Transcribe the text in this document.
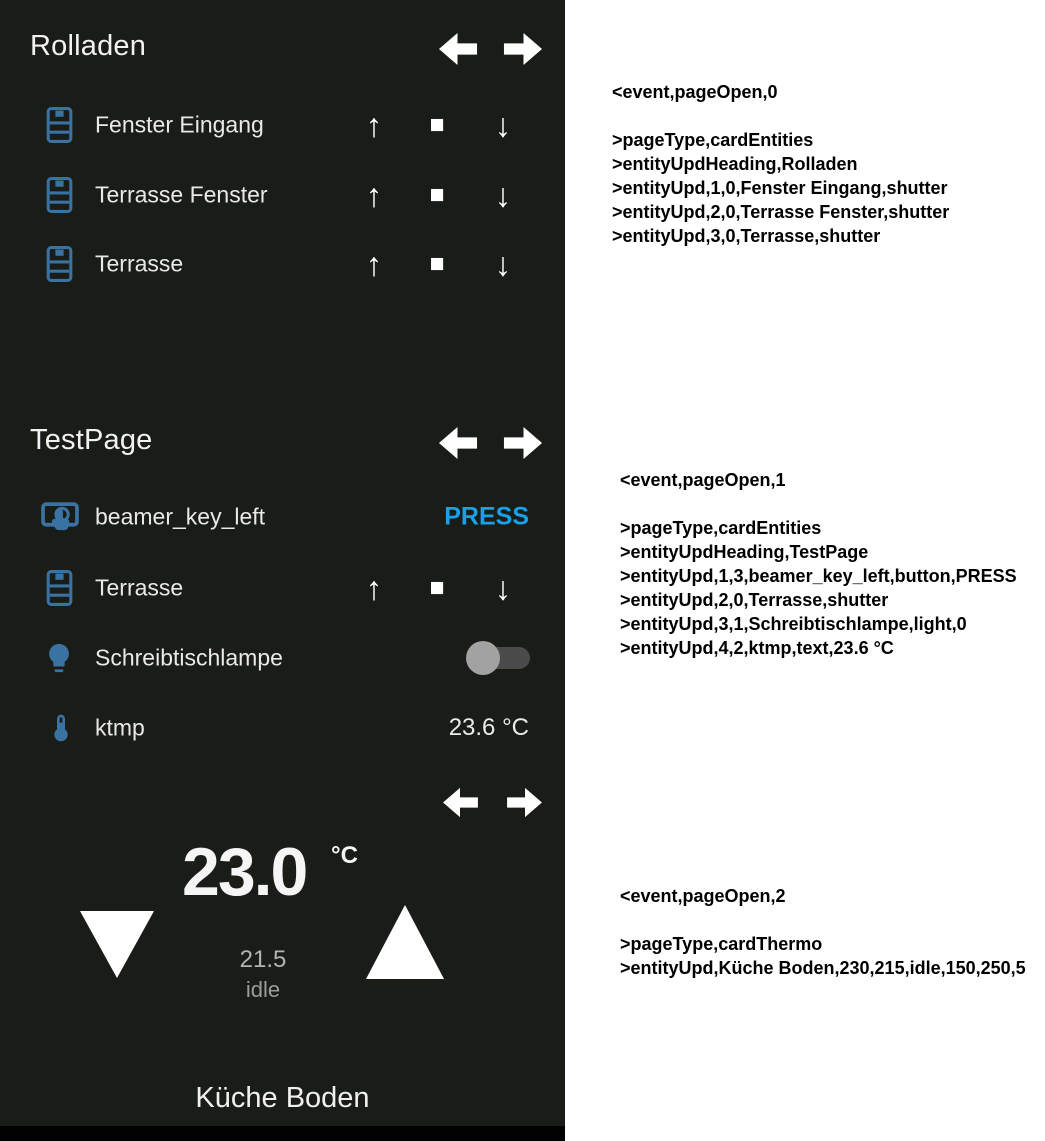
Rolladen
Fenster Eingang	↑ ■ ↓
Terrasse Fenster	↑ ■ ↓
Terrasse	↑ ■ ↓
TestPage
beamer_key_left	PRESS
Terrasse	↑ ■ ↓
Schreibtischlampe
ktmp	23.6 °C
23.0 °C
21.5
idle
Küche Boden
<event,pageOpen,0
>pageType,cardEntities
>entityUpdHeading,Rolladen
>entityUpd,1,0,Fenster Eingang,shutter
>entityUpd,2,0,Terrasse Fenster,shutter
>entityUpd,3,0,Terrasse,shutter
<event,pageOpen,1
>pageType,cardEntities
>entityUpdHeading,TestPage
>entityUpd,1,3,beamer_key_left,button,PRESS
>entityUpd,2,0,Terrasse,shutter
>entityUpd,3,1,Schreibtischlampe,light,0
>entityUpd,4,2,ktmp,text,23.6 °C
<event,pageOpen,2
>pageType,cardThermo
>entityUpd,Küche Boden,230,215,idle,150,250,5
